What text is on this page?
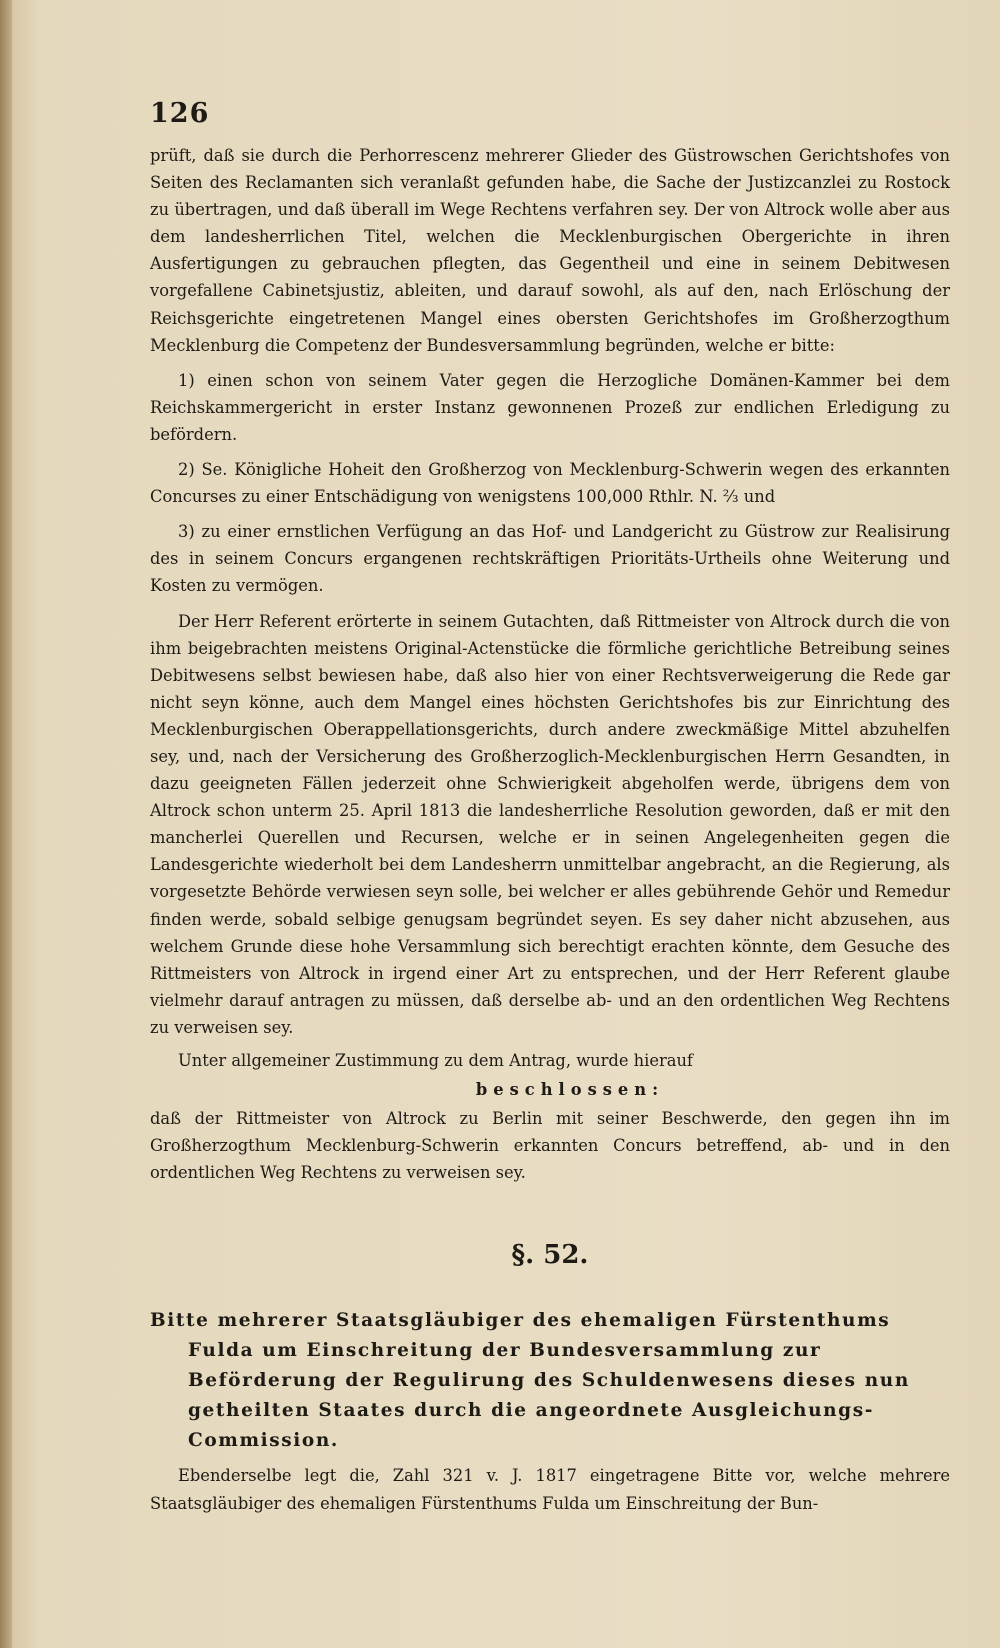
126

prüft, daß sie durch die Perhorrescenz mehrerer Glieder des Güstrowschen Gerichtshofes von Seiten des Reclamanten sich veranlaßt gefunden habe, die Sache der Justizcanzlei zu Rostock zu übertragen, und daß überall im Wege Rechtens verfahren sey. Der von Altrock wolle aber aus dem landesherrlichen Titel, welchen die Mecklenburgischen Obergerichte in ihren Ausfertigungen zu gebrauchen pflegten, das Gegentheil und eine in seinem Debitwesen vorgefallene Cabinetsjustiz, ableiten, und darauf sowohl, als auf den, nach Erlöschung der Reichsgerichte eingetretenen Mangel eines obersten Gerichtshofes im Großherzogthum Mecklenburg die Competenz der Bundesversammlung begründen, welche er bitte:

1) einen schon von seinem Vater gegen die Herzogliche Domänen-Kammer bei dem Reichskammergericht in erster Instanz gewonnenen Prozeß zur endlichen Erledigung zu befördern.

2) Se. Königliche Hoheit den Großherzog von Mecklenburg-Schwerin wegen des erkannten Concurses zu einer Entschädigung von wenigstens 100,000 Rthlr. N. ⅔ und

3) zu einer ernstlichen Verfügung an das Hof- und Landgericht zu Güstrow zur Realisirung des in seinem Concurs ergangenen rechtskräftigen Prioritäts-Urtheils ohne Weiterung und Kosten zu vermögen.

Der Herr Referent erörterte in seinem Gutachten, daß Rittmeister von Altrock durch die von ihm beigebrachten meistens Original-Actenstücke die förmliche gerichtliche Betreibung seines Debitwesens selbst bewiesen habe, daß also hier von einer Rechtsverweigerung die Rede gar nicht seyn könne, auch dem Mangel eines höchsten Gerichtshofes bis zur Einrichtung des Mecklenburgischen Oberappellationsgerichts, durch andere zweckmäßige Mittel abzuhelfen sey, und, nach der Versicherung des Großherzoglich-Mecklenburgischen Herrn Gesandten, in dazu geeigneten Fällen jederzeit ohne Schwierigkeit abgeholfen werde, übrigens dem von Altrock schon unterm 25. April 1813 die landesherrliche Resolution geworden, daß er mit den mancherlei Querellen und Recursen, welche er in seinen Angelegenheiten gegen die Landesgerichte wiederholt bei dem Landesherrn unmittelbar angebracht, an die Regierung, als vorgesetzte Behörde verwiesen seyn solle, bei welcher er alles gebührende Gehör und Remedur finden werde, sobald selbige genugsam begründet seyen. Es sey daher nicht abzusehen, aus welchem Grunde diese hohe Versammlung sich berechtigt erachten könnte, dem Gesuche des Rittmeisters von Altrock in irgend einer Art zu entsprechen, und der Herr Referent glaube vielmehr darauf antragen zu müssen, daß derselbe ab- und an den ordentlichen Weg Rechtens zu verweisen sey.

Unter allgemeiner Zustimmung zu dem Antrag, wurde hierauf

beschlossen:

daß der Rittmeister von Altrock zu Berlin mit seiner Beschwerde, den gegen ihn im Großherzogthum Mecklenburg-Schwerin erkannten Concurs betreffend, ab- und in den ordentlichen Weg Rechtens zu verweisen sey.

§. 52.

Bitte mehrerer Staatsgläubiger des ehemaligen Fürstenthums Fulda um Einschreitung der Bundesversammlung zur Beförderung der Regulirung des Schuldenwesens dieses nun getheilten Staates durch die angeordnete Ausgleichungs-Commission.

Ebenderselbe legt die, Zahl 321 v. J. 1817 eingetragene Bitte vor, welche mehrere Staatsgläubiger des ehemaligen Fürstenthums Fulda um Einschreitung der Bun-
